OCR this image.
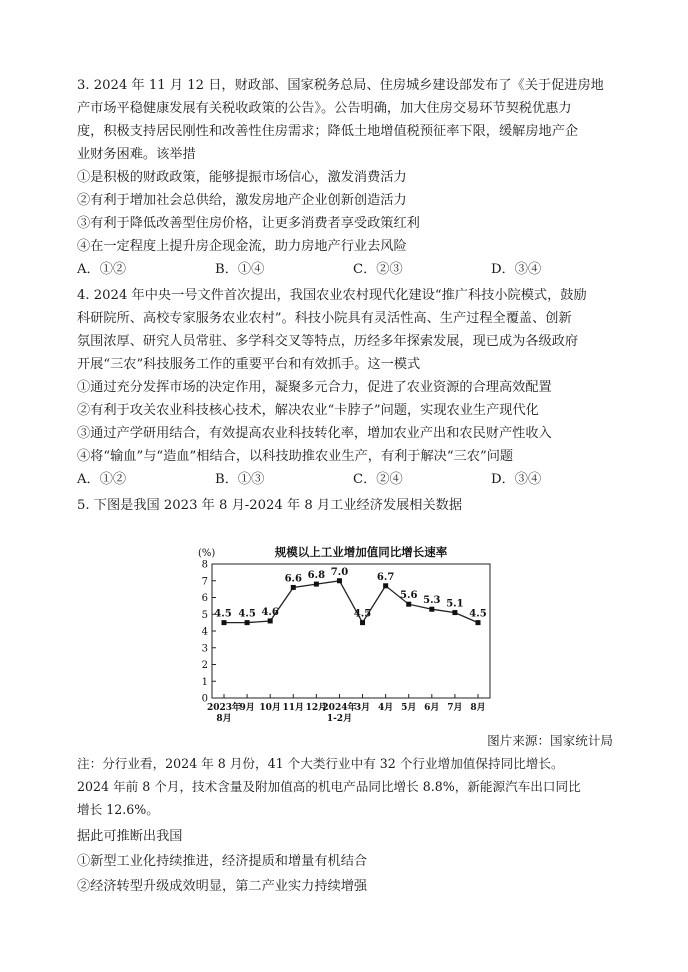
3. 2024 年 11 月 12 日，财政部、国家税务总局、住房城乡建设部发布了《关于促进房地
产市场平稳健康发展有关税收政策的公告》。公告明确，加大住房交易环节契税优惠力
度，积极支持居民刚性和改善性住房需求；降低土地增值税预征率下限，缓解房地产企
业财务困难。该举措
①是积极的财政政策，能够提振市场信心，激发消费活力
②有利于增加社会总供给，激发房地产企业创新创造活力
③有利于降低改善型住房价格，让更多消费者享受政策红利
④在一定程度上提升房企现金流，助力房地产行业去风险
A．①②	B．①④	C．②③	D．③④
4. 2024 年中央一号文件首次提出，我国农业农村现代化建设“推广科技小院模式，鼓励
科研院所、高校专家服务农业农村”。科技小院具有灵活性高、生产过程全覆盖、创新
氛围浓厚、研究人员常驻、多学科交叉等特点，历经多年探索发展，现已成为各级政府
开展“三农”科技服务工作的重要平台和有效抓手。这一模式
①通过充分发挥市场的决定作用，凝聚多元合力，促进了农业资源的合理高效配置
②有利于攻关农业科技核心技术，解决农业“卡脖子”问题，实现农业生产现代化
③通过产学研用结合，有效提高农业科技转化率，增加农业产出和农民财产性收入
④将“输血”与“造血”相结合，以科技助推农业生产，有利于解决“三农”问题
A．①②	B．①③	C．②④	D．③④
5. 下图是我国 2023 年 8 月-2024 年 8 月工业经济发展相关数据
规模以上工业增加值同比增长速率
(%)
0
1
2
3
4
5
6
7
8
2023年
8月
9月 10月 11月 12月
2024年
1-2月
3月 4月 5月 6月 7月 8月
4.5 4.5 4.6
6.6 6.8 7.0
4.5
6.7
5.6 5.3 5.1
4.5
图片来源：国家统计局
注：分行业看，2024 年 8 月份，41 个大类行业中有 32 个行业增加值保持同比增长。
2024 年前 8 个月，技术含量及附加值高的机电产品同比增长 8.8%，新能源汽车出口同比
增长 12.6%。
据此可推断出我国
①新型工业化持续推进，经济提质和增量有机结合
②经济转型升级成效明显，第二产业实力持续增强
